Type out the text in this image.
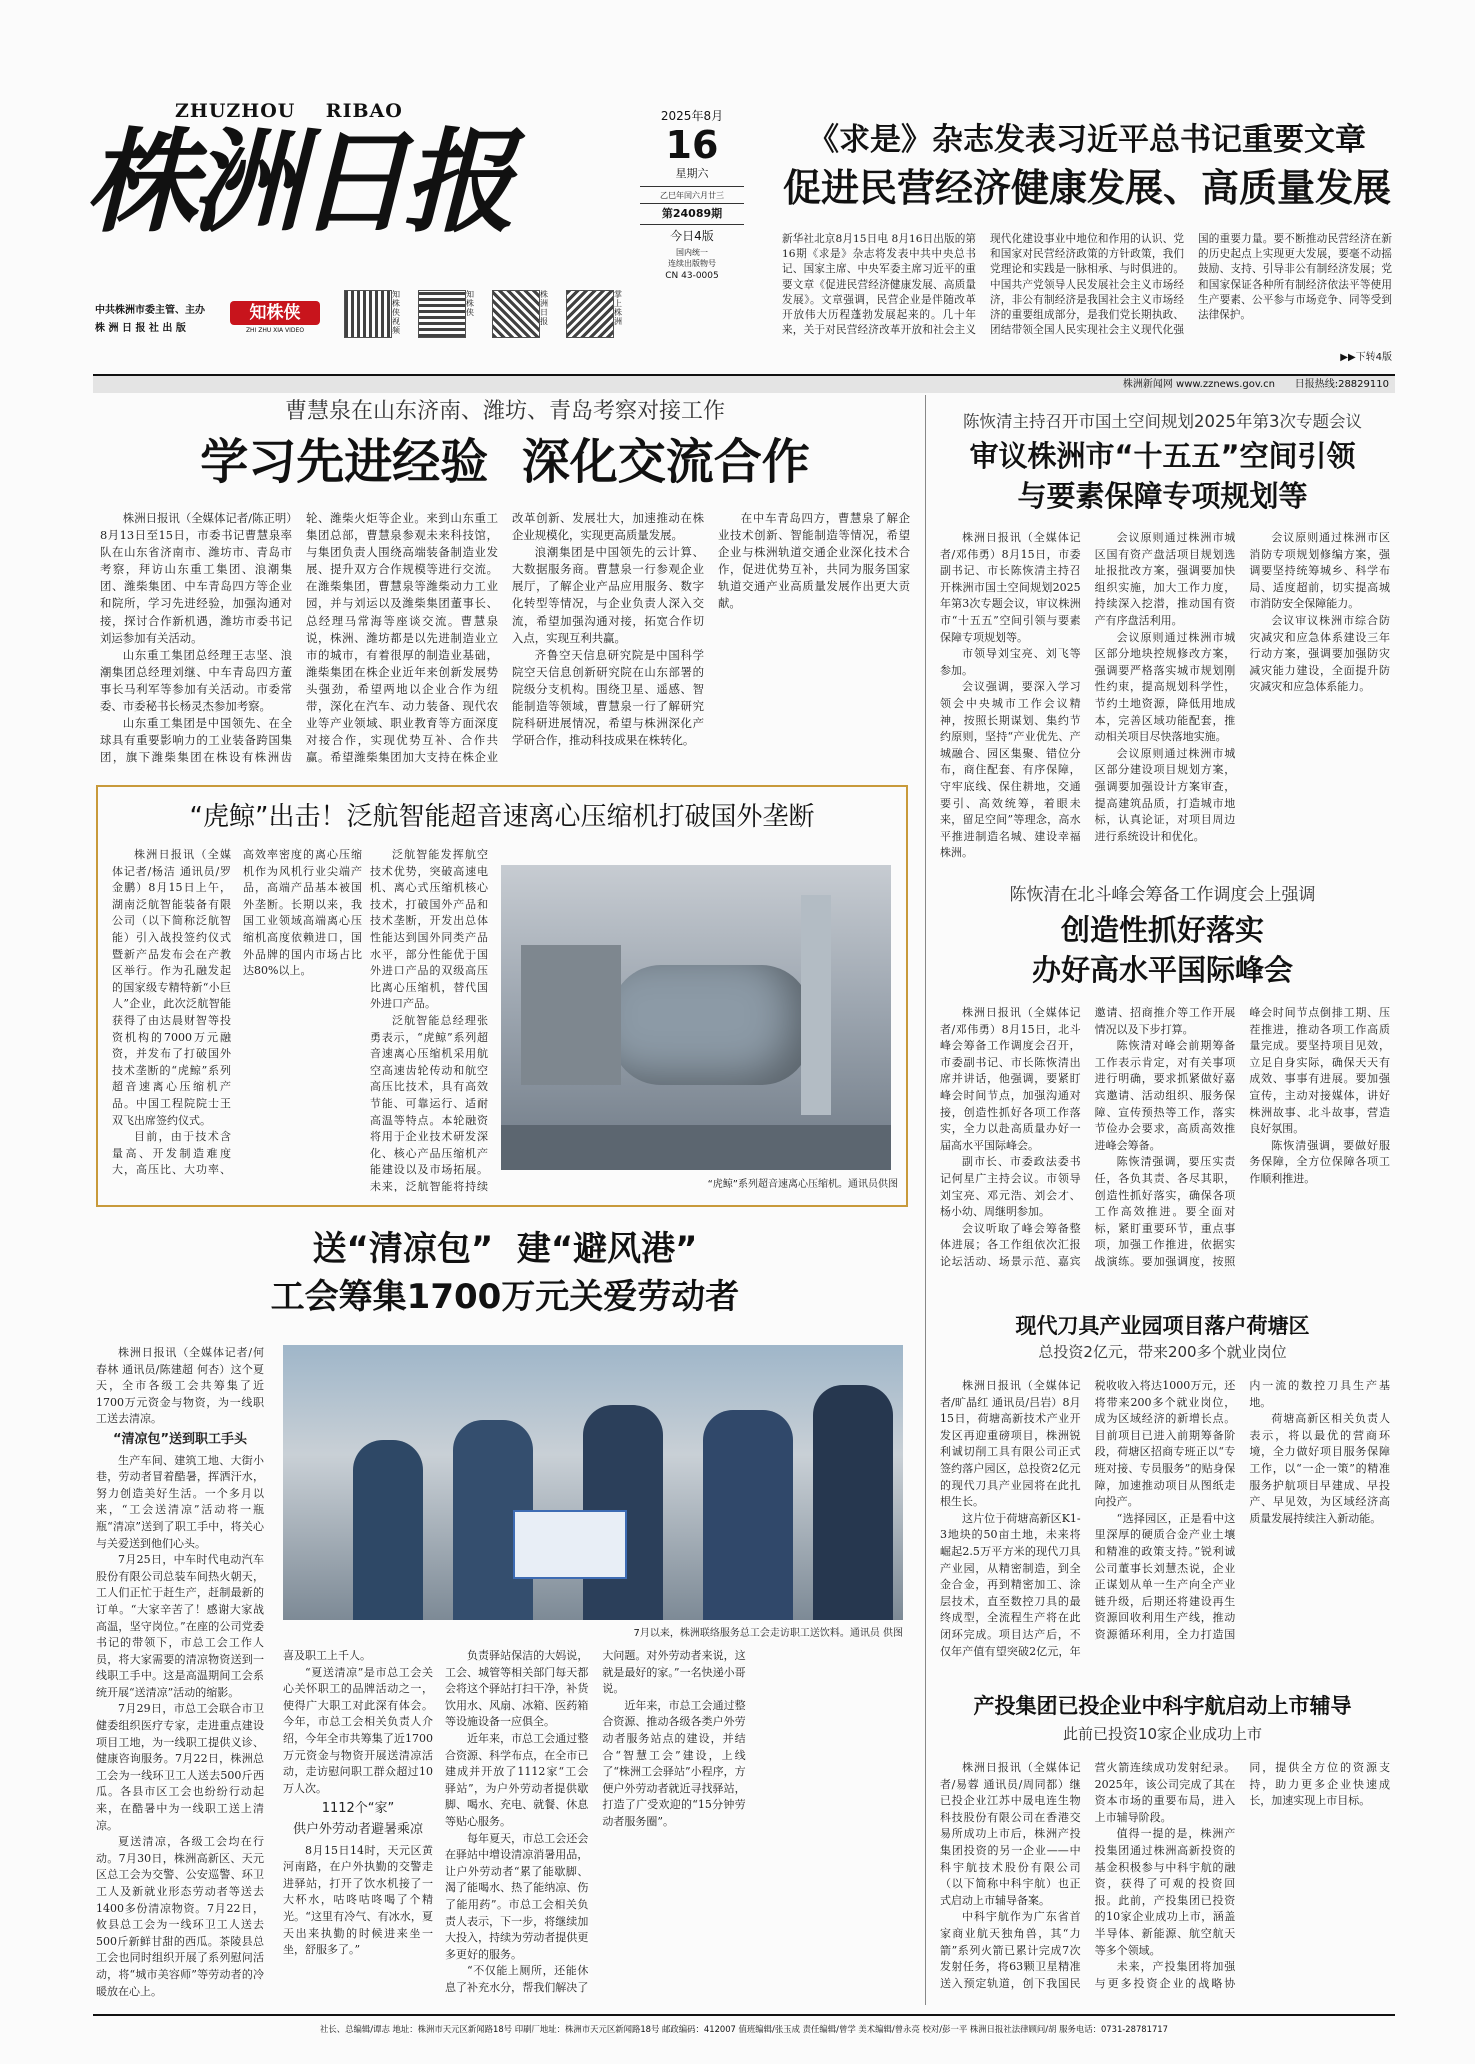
ZHUZHOU    RIBAO
株洲日报
中共株洲市委主管、主办
株 洲 日 报 社 出 版
知株侠
ZHI ZHU XIA VIDEO
知株侠视频
知株侠
株洲日报
掌上株洲
2025年8月
16
星期六
乙巳年闰六月廿三
第24089期
今日4版
国内统一
连续出版物号
CN 43-0005
《求是》杂志发表习近平总书记重要文章
促进民营经济健康发展、高质量发展

新华社北京8月15日电 8月16日出版的第16期《求是》杂志将发表中共中央总书记、国家主席、中央军委主席习近平的重要文章《促进民营经济健康发展、高质量发展》。文章强调，民营企业是伴随改革开放伟大历程蓬勃发展起来的。几十年来，关于对民营经济改革开放和社会主义现代化建设事业中地位和作用的认识、党和国家对民营经济政策的方针政策，我们党理论和实践是一脉相承、与时俱进的。中国共产党领导人民发展社会主义市场经济，非公有制经济是我国社会主义市场经济的重要组成部分，是我们党长期执政、团结带领全国人民实现社会主义现代化强国的重要力量。要不断推动民营经济在新的历史起点上实现更大发展，要毫不动摇鼓励、支持、引导非公有制经济发展；党和国家保证各种所有制经济依法平等使用生产要素、公平参与市场竞争、同等受到法律保护。

▶▶下转4版
株洲新闻网 www.zznews.gov.cn 日报热线:28829110
曹慧泉在山东济南、潍坊、青岛考察对接工作
学习先进经验  深化交流合作

株洲日报讯（全媒体记者/陈正明）8月13日至15日，市委书记曹慧泉率队在山东省济南市、潍坊市、青岛市考察，拜访山东重工集团、浪潮集团、潍柴集团、中车青岛四方等企业和院所，学习先进经验，加强沟通对接，探讨合作新机遇，潍坊市委书记刘运参加有关活动。

山东重工集团总经理王志坚、浪潮集团总经理刘继、中车青岛四方董事长马利军等参加有关活动。市委常委、市委秘书长杨灵杰参加考察。

山东重工集团是中国领先、在全球具有重要影响力的工业装备跨国集团，旗下潍柴集团在株设有株洲齿轮、潍柴火炬等企业。来到山东重工集团总部，曹慧泉参观未来科技馆，与集团负责人围绕高端装备制造业发展、提升双方合作规模等进行交流。在潍柴集团，曹慧泉等潍柴动力工业园，并与刘运以及潍柴集团董事长、总经理马常海等座谈交流。曹慧泉说，株洲、潍坊都是以先进制造业立市的城市，有着很厚的制造业基础，潍柴集团在株企业近年来创新发展势头强劲，希望两地以企业合作为纽带，深化在汽车、动力装备、现代农业等产业领域、职业教育等方面深度对接合作，实现优势互补、合作共赢。希望潍柴集团加大支持在株企业改革创新、发展壮大，加速推动在株企业规模化，实现更高质量发展。

浪潮集团是中国领先的云计算、大数据服务商。曹慧泉一行参观企业展厅，了解企业产品应用服务、数字化转型等情况，与企业负责人深入交流，希望加强沟通对接，拓宽合作切入点，实现互利共赢。

齐鲁空天信息研究院是中国科学院空天信息创新研究院在山东部署的院级分支机构。围绕卫星、遥感、智能制造等领域，曹慧泉一行了解研究院科研进展情况，希望与株洲深化产学研合作，推动科技成果在株转化。

在中车青岛四方，曹慧泉了解企业技术创新、智能制造等情况，希望企业与株洲轨道交通企业深化技术合作，促进优势互补，共同为服务国家轨道交通产业高质量发展作出更大贡献。

“虎鲸”出击！泛航智能超音速离心压缩机打破国外垄断

株洲日报讯（全媒体记者/杨洁 通讯员/罗金鹏）8月15日上午，湖南泛航智能装备有限公司（以下简称泛航智能）引入战投签约仪式暨新产品发布会在产教区举行。作为孔融发起的国家级专精特新“小巨人”企业，此次泛航智能获得了由达晨财智等投资机构的7000万元融资，并发布了打破国外技术垄断的“虎鲸”系列超音速离心压缩机产品。中国工程院院士王双飞出席签约仪式。

目前，由于技术含量高、开发制造难度大，高压比、大功率、高效率密度的离心压缩机作为风机行业尖端产品，高端产品基本被国外垄断。长期以来，我国工业领域高端离心压缩机高度依赖进口，国外品牌的国内市场占比达80%以上。

泛航智能发挥航空技术优势，突破高速电机、离心式压缩机核心技术，打破国外产品和技术垄断，开发出总体性能达到国外同类产品水平，部分性能优于国外进口产品的双级高压比离心压缩机，替代国外进口产品。

泛航智能总经理张勇表示，“虎鲸”系列超音速离心压缩机采用航空高速齿轮传动和航空高压比技术，具有高效节能、可靠运行、适耐高温等特点。本轮融资将用于企业技术研发深化、核心产品压缩机产能建设以及市场拓展。未来，泛航智能将持续	“虎鲸”系列超音速离心压缩机。通讯员供图
送“清凉包”  建“避风港”
工会筹集1700万元关爱劳动者

株洲日报讯（全媒体记者/何春林 通讯员/陈建超 何杏）这个夏天，全市各级工会共筹集了近1700万元资金与物资，为一线职工送去清凉。

“清凉包”送到职工手头

生产车间、建筑工地、大街小巷，劳动者冒着酷暑，挥洒汗水，努力创造美好生活。一个多月以来，“工会送清凉”活动将一瓶瓶“清凉”送到了职工手中，将关心与关爱送到他们心头。

7月25日，中车时代电动汽车股份有限公司总装车间热火朝天，工人们正忙于赶生产，赶制最新的订单。“大家辛苦了！感谢大家战高温，坚守岗位。”在座的公司党委书记的带领下，市总工会工作人员，将大家需要的清凉物资送到一线职工手中。这是高温期间工会系统开展“送清凉”活动的缩影。

7月29日，市总工会联合市卫健委组织医疗专家，走进重点建设项目工地，为一线职工提供义诊、健康咨询服务。7月22日，株洲总工会为一线环卫工人送去500斤西瓜。各县市区工会也纷纷行动起来，在酷暑中为一线职工送上清凉。

夏送清凉，各级工会均在行动。7月30日，株洲高新区、天元区总工会为交警、公安巡警、环卫工人及新就业形态劳动者等送去1400多份清凉物资。7月22日，攸县总工会为一线环卫工人送去500斤新鲜甘甜的西瓜。茶陵县总工会也同时组织开展了系列慰问活动，将“城市美容师”等劳动者的冷暖放在心上。

7月以来，株洲联络服务总工会走访职工送饮料。通讯员 供图

喜及职工上千人。

“夏送清凉”是市总工会关心关怀职工的品牌活动之一，使得广大职工对此深有体会。今年，市总工会相关负责人介绍，今年全市共筹集了近1700万元资金与物资开展送清凉活动，走访慰问职工群众超过10万人次。

1112个“家”
供户外劳动者避暑乘凉

8月15日14时，天元区黄河南路，在户外执勤的交警走进驿站，打开了饮水机接了一大杯水，咕咚咕咚喝了个精光。“这里有冷气、有冰水，夏天出来执勤的时候进来坐一坐，舒服多了。”

负责驿站保洁的大妈说，工会、城管等相关部门每天都会将这个驿站打扫干净，补货饮用水、风扇、冰箱、医药箱等设施设备一应俱全。

近年来，市总工会通过整合资源、科学布点，在全市已建成并开放了1112家“工会驿站”，为户外劳动者提供歇脚、喝水、充电、就餐、休息等贴心服务。

每年夏天，市总工会还会在驿站中增设清凉消暑用品，让户外劳动者“累了能歇脚、渴了能喝水、热了能纳凉、伤了能用药”。市总工会相关负责人表示，下一步，将继续加大投入，持续为劳动者提供更多更好的服务。

“不仅能上厕所，还能休息了补充水分，帮我们解决了大问题。对外劳动者来说，这就是最好的家。”一名快递小哥说。

近年来，市总工会通过整合资源、推动各级各类户外劳动者服务站点的建设，并结合“智慧工会”建设，上线了“株洲工会驿站”小程序，方便户外劳动者就近寻找驿站，打造了广受欢迎的“15分钟劳动者服务圈”。

陈恢清主持召开市国土空间规划2025年第3次专题会议
审议株洲市“十五五”空间引领
与要素保障专项规划等

株洲日报讯（全媒体记者/邓伟勇）8月15日，市委副书记、市长陈恢清主持召开株洲市国土空间规划2025年第3次专题会议，审议株洲市“十五五”空间引领与要素保障专项规划等。

市领导刘宝亮、刘飞等参加。

会议强调，要深入学习领会中央城市工作会议精神，按照长期谋划、集约节约原则，坚持“产业优先、产城融合、园区集聚、错位分布，商住配套、有序保障，守牢底线、保住耕地，交通要引、高效统筹，着眼未来，留足空间”等理念，高水平推进制造名城、建设幸福株洲。

会议原则通过株洲市城区国有资产盘活项目规划选址报批改方案，强调要加快组织实施，加大工作力度，持续深入挖潜，推动国有资产有序盘活利用。

会议原则通过株洲市城区部分地块控规修改方案，强调要严格落实城市规划刚性约束，提高规划科学性，节约土地资源，降低用地成本，完善区域功能配套，推动相关项目尽快落地实施。

会议原则通过株洲市城区部分建设项目规划方案，强调要加强设计方案审查，提高建筑品质，打造城市地标，认真论证，对项目周边进行系统设计和优化。

会议原则通过株洲市区消防专项规划修编方案，强调要坚持统筹城乡、科学布局、适度超前，切实提高城市消防安全保障能力。

会议审议株洲市综合防灾减灾和应急体系建设三年行动方案，强调要加强防灾减灾能力建设，全面提升防灾减灾和应急体系能力。

陈恢清在北斗峰会筹备工作调度会上强调
创造性抓好落实
办好高水平国际峰会

株洲日报讯（全媒体记者/邓伟勇）8月15日，北斗峰会筹备工作调度会召开，市委副书记、市长陈恢清出席并讲话，他强调，要紧盯峰会时间节点，加强沟通对接，创造性抓好各项工作落实，全力以赴高质量办好一届高水平国际峰会。

副市长、市委政法委书记何星广主持会议。市领导刘宝亮、邓元浩、刘会才、杨小幼、周继明参加。

会议听取了峰会筹备整体进展；各工作组依次汇报论坛活动、场景示范、嘉宾邀请、招商推介等工作开展情况以及下步打算。

陈恢清对峰会前期筹备工作表示肯定，对有关事项进行明确，要求抓紧做好嘉宾邀请、活动组织、服务保障、宣传预热等工作，落实节俭办会要求，高质高效推进峰会筹备。

陈恢清强调，要压实责任，各负其责、各尽其职，创造性抓好落实，确保各项工作高效推进。要全面对标，紧盯重要环节，重点事项，加强工作推进，依据实战演练。要加强调度，按照峰会时间节点倒排工期、压茬推进，推动各项工作高质量完成。要坚持项目见效，立足自身实际，确保天天有成效、事事有进展。要加强宣传，主动对接媒体，讲好株洲故事、北斗故事，营造良好氛围。

陈恢清强调，要做好服务保障，全方位保障各项工作顺利推进。

现代刀具产业园项目落户荷塘区
总投资2亿元，带来200多个就业岗位

株洲日报讯（全媒体记者/旷晶红 通讯员/吕岩）8月15日，荷塘高新技术产业开发区再迎重磅项目，株洲锐利诚切削工具有限公司正式签约落户园区，总投资2亿元的现代刀具产业园将在此扎根生长。

这片位于荷塘高新区K1-3地块的50亩土地，未来将崛起2.5万平方米的现代刀具产业园，从精密制造，到全金合金，再到精密加工、涂层技术，直至数控刀具的最终成型，全流程生产将在此闭环完成。项目达产后，不仅年产值有望突破2亿元，年税收收入将达1000万元，还将带来200多个就业岗位，成为区域经济的新增长点。目前项目已进入前期筹备阶段，荷塘区招商专班正以“专班对接、专员服务”的贴身保障，加速推动项目从图纸走向投产。

“选择园区，正是看中这里深厚的硬质合金产业土壤和精准的政策支持。”锐利诚公司董事长刘慧杰说，企业正谋划从单一生产向全产业链升级，后期还将建设再生资源回收利用生产线，推动资源循环利用，全力打造国内一流的数控刀具生产基地。

荷塘高新区相关负责人表示，将以最优的营商环境，全力做好项目服务保障工作，以“一企一策”的精准服务护航项目早建成、早投产、早见效，为区域经济高质量发展持续注入新动能。

产投集团已投企业中科宇航启动上市辅导
此前已投资10家企业成功上市

株洲日报讯（全媒体记者/易蓉 通讯员/周同都）继已投企业江苏中晟电连生物科技股份有限公司在香港交易所成功上市后，株洲产投集团投资的另一企业——中科宇航技术股份有限公司（以下简称中科宇航）也正式启动上市辅导备案。

中科宇航作为广东省首家商业航天独角兽，其“力箭”系列火箭已累计完成7次发射任务，将63颗卫星精准送入预定轨道，创下我国民营火箭连续成功发射纪录。2025年，该公司完成了其在资本市场的重要布局，进入上市辅导阶段。

值得一提的是，株洲产投集团通过株洲高新投资的基金积极参与中科宇航的融资，获得了可观的投资回报。此前，产投集团已投资的10家企业成功上市，涵盖半导体、新能源、航空航天等多个领域。

未来，产投集团将加强与更多投资企业的战略协同，提供全方位的资源支持，助力更多企业快速成长，加速实现上市目标。

社长、总编辑/谭志 地址：株洲市天元区新闻路18号 印刷厂地址：株洲市天元区新闻路18号 邮政编码：412007 值班编辑/张玉成 责任编辑/曾学 美术编辑/曾永亮 校对/彭一平 株洲日报社法律顾问/胡 服务电话：0731-28781717
